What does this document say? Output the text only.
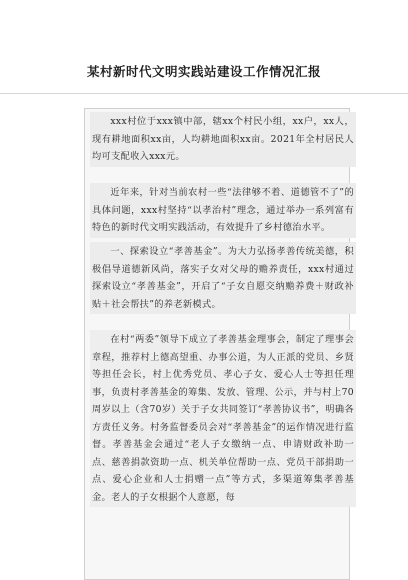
某村新时代文明实践站建设工作情况汇报

xxx村位于xxx镇中部，辖xx个村民小组，xx户，xx人，现有耕地面积xx亩，人均耕地面积xx亩。2021年全村居民人均可支配收入xxx元。

近年来，针对当前农村一些“法律够不着、道德管不了”的具体问题，xxx村坚持“以孝治村”理念，通过举办一系列富有特色的新时代文明实践活动，有效提升了乡村德治水平。

一、探索设立“孝善基金”。为大力弘扬孝善传统美德，积极倡导道德新风尚，落实子女对父母的赡养责任，xxx村通过探索设立“孝善基金”，开启了“子女自愿交纳赡养费＋财政补贴＋社会帮扶”的养老新模式。

在村“两委”领导下成立了孝善基金理事会，制定了理事会章程，推荐村上德高望重、办事公道，为人正派的党员、乡贤等担任会长，村上优秀党员、孝心子女、爱心人士等担任理事，负责村孝善基金的筹集、发放、管理、公示，并与村上70周岁以上（含70岁）关于子女共同签订“孝善协议书”，明确各方责任义务。村务监督委员会对“孝善基金”的运作情况进行监督。孝善基金会通过“老人子女缴纳一点、申请财政补助一点、慈善捐款资助一点、机关单位帮助一点、党员干部捐助一点、爱心企业和人士捐赠一点”等方式，多渠道筹集孝善基金。老人的子女根据个人意愿，每
